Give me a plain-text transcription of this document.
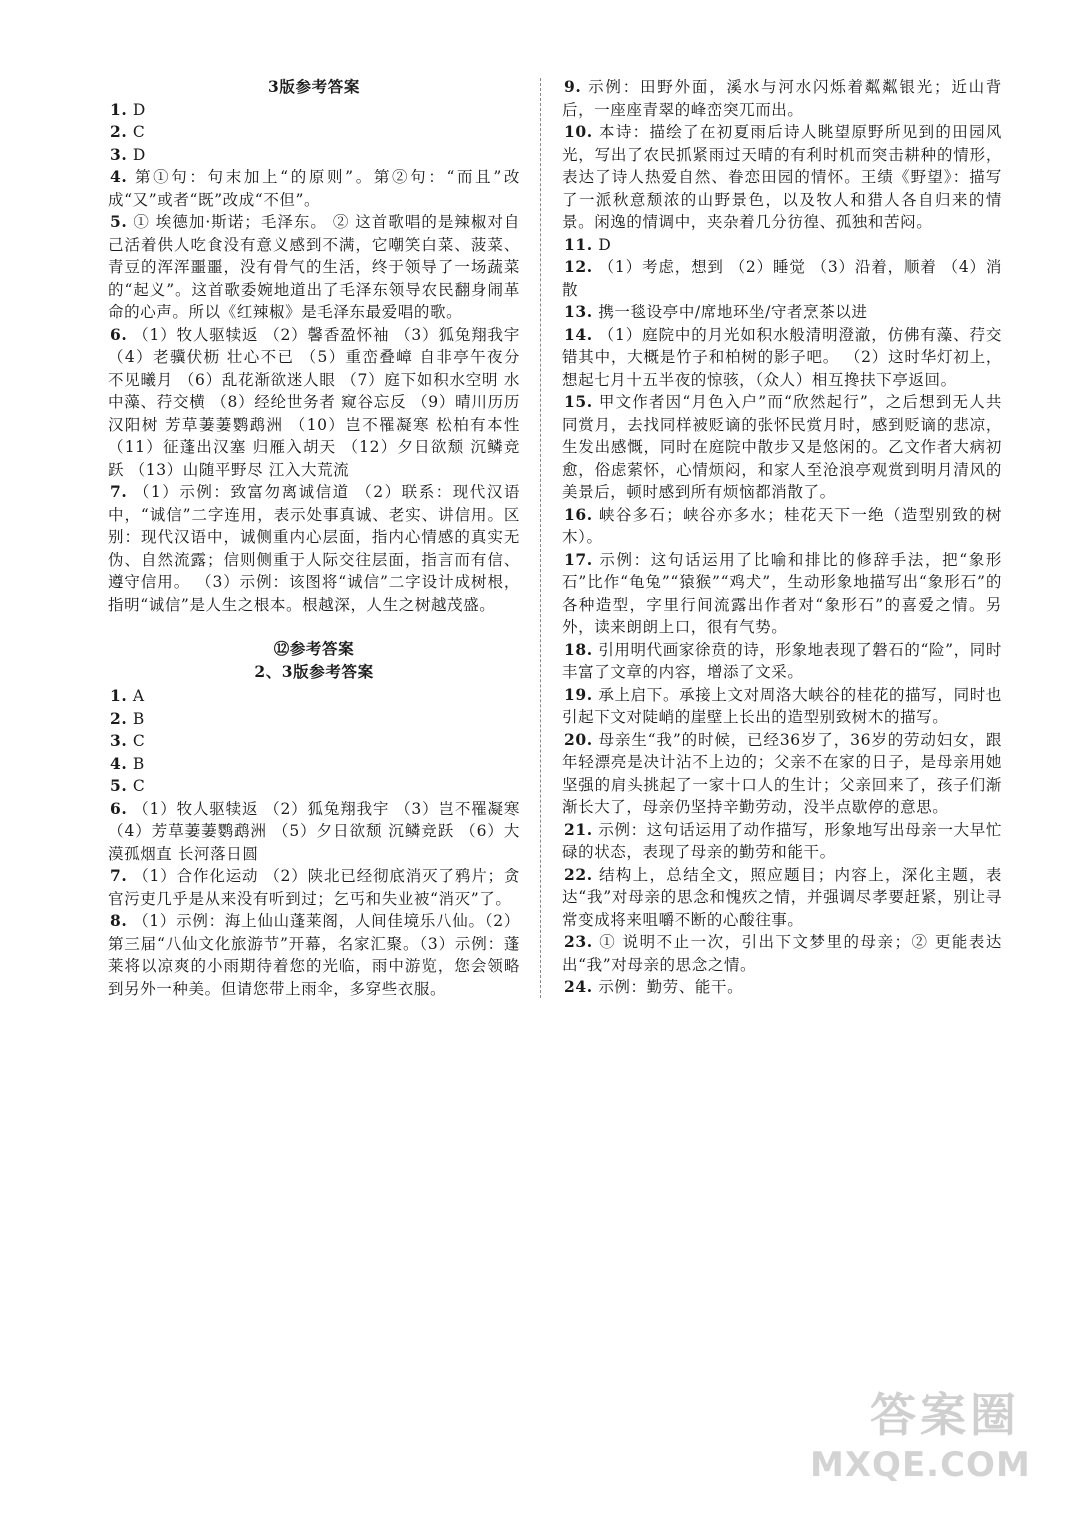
3版参考答案

1. D

2. C

3. D

4. 第①句：句末加上“的原则”。第②句：“而且”改成“又”或者“既”改成“不但”。

5. ① 埃德加·斯诺；毛泽东。 ② 这首歌唱的是辣椒对自己活着供人吃食没有意义感到不满，它嘲笑白菜、菠菜、青豆的浑浑噩噩，没有骨气的生活，终于领导了一场蔬菜的“起义”。这首歌委婉地道出了毛泽东领导农民翻身闹革命的心声。所以《红辣椒》是毛泽东最爱唱的歌。

6. （1）牧人驱犊返 （2）馨香盈怀袖 （3）狐兔翔我宇 （4）老骥伏枥 壮心不已 （5）重峦叠嶂 自非亭午夜分 不见曦月 （6）乱花渐欲迷人眼 （7）庭下如积水空明 水中藻、荇交横 （8）经纶世务者 窥谷忘反 （9）晴川历历汉阳树 芳草萋萋鹦鹉洲 （10）岂不罹凝寒 松柏有本性 （11）征蓬出汉塞 归雁入胡天 （12）夕日欲颓 沉鳞竞跃 （13）山随平野尽 江入大荒流

7. （1）示例：致富勿离诚信道 （2）联系：现代汉语中，“诚信”二字连用，表示处事真诚、老实、讲信用。区别：现代汉语中，诚侧重内心层面，指内心情感的真实无伪、自然流露；信则侧重于人际交往层面，指言而有信、遵守信用。 （3）示例：该图将“诚信”二字设计成树根，指明“诚信”是人生之根本。根越深，人生之树越茂盛。

⑫参考答案

2、3版参考答案

1. A

2. B

3. C

4. B

5. C

6. （1）牧人驱犊返 （2）狐兔翔我宇 （3）岂不罹凝寒 （4）芳草萋萋鹦鹉洲 （5）夕日欲颓 沉鳞竞跃 （6）大漠孤烟直 长河落日圆

7. （1）合作化运动 （2）陕北已经彻底消灭了鸦片；贪官污吏几乎是从来没有听到过；乞丐和失业被“消灭”了。

8. （1）示例：海上仙山蓬莱阁，人间佳境乐八仙。（2）第三届“八仙文化旅游节”开幕，名家汇聚。（3）示例：蓬莱将以凉爽的小雨期待着您的光临，雨中游览，您会领略到另外一种美。但请您带上雨伞，多穿些衣服。

9. 示例：田野外面，溪水与河水闪烁着粼粼银光；近山背后，一座座青翠的峰峦突兀而出。

10. 本诗：描绘了在初夏雨后诗人眺望原野所见到的田园风光，写出了农民抓紧雨过天晴的有利时机而突击耕种的情形，表达了诗人热爱自然、眷恋田园的情怀。王绩《野望》：描写了一派秋意颓浓的山野景色，以及牧人和猎人各自归来的情景。闲逸的情调中，夹杂着几分彷徨、孤独和苦闷。

11. D

12. （1）考虑，想到 （2）睡觉 （3）沿着，顺着 （4）消散

13. 携一毯设亭中/席地环坐/守者烹茶以进

14. （1）庭院中的月光如积水般清明澄澈，仿佛有藻、荇交错其中，大概是竹子和柏树的影子吧。 （2）这时华灯初上，想起七月十五半夜的惊骇，（众人）相互搀扶下亭返回。

15. 甲文作者因“月色入户”而“欣然起行”，之后想到无人共同赏月，去找同样被贬谪的张怀民赏月时，感到贬谪的悲凉，生发出感慨，同时在庭院中散步又是悠闲的。乙文作者大病初愈，俗虑萦怀，心情烦闷，和家人至沧浪亭观赏到明月清风的美景后，顿时感到所有烦恼都消散了。

16. 峡谷多石；峡谷亦多水；桂花天下一绝（造型别致的树木）。

17. 示例：这句话运用了比喻和排比的修辞手法，把“象形石”比作“龟兔”“猿猴”“鸡犬”，生动形象地描写出“象形石”的各种造型，字里行间流露出作者对“象形石”的喜爱之情。另外，读来朗朗上口，很有气势。

18. 引用明代画家徐贲的诗，形象地表现了磐石的“险”，同时丰富了文章的内容，增添了文采。

19. 承上启下。承接上文对周洛大峡谷的桂花的描写，同时也引起下文对陡峭的崖壁上长出的造型别致树木的描写。

20. 母亲生“我”的时候，已经36岁了，36岁的劳动妇女，跟年轻漂亮是决计沾不上边的；父亲不在家的日子，是母亲用她坚强的肩头挑起了一家十口人的生计；父亲回来了，孩子们渐渐长大了，母亲仍坚持辛勤劳动，没半点歇停的意思。

21. 示例：这句话运用了动作描写，形象地写出母亲一大早忙碌的状态，表现了母亲的勤劳和能干。

22. 结构上，总结全文，照应题目；内容上，深化主题，表达“我”对母亲的思念和愧疚之情，并强调尽孝要赶紧，别让寻常变成将来咀嚼不断的心酸往事。

23. ① 说明不止一次，引出下文梦里的母亲；② 更能表达出“我”对母亲的思念之情。

24. 示例：勤劳、能干。

答案圈
MXQE.COM
